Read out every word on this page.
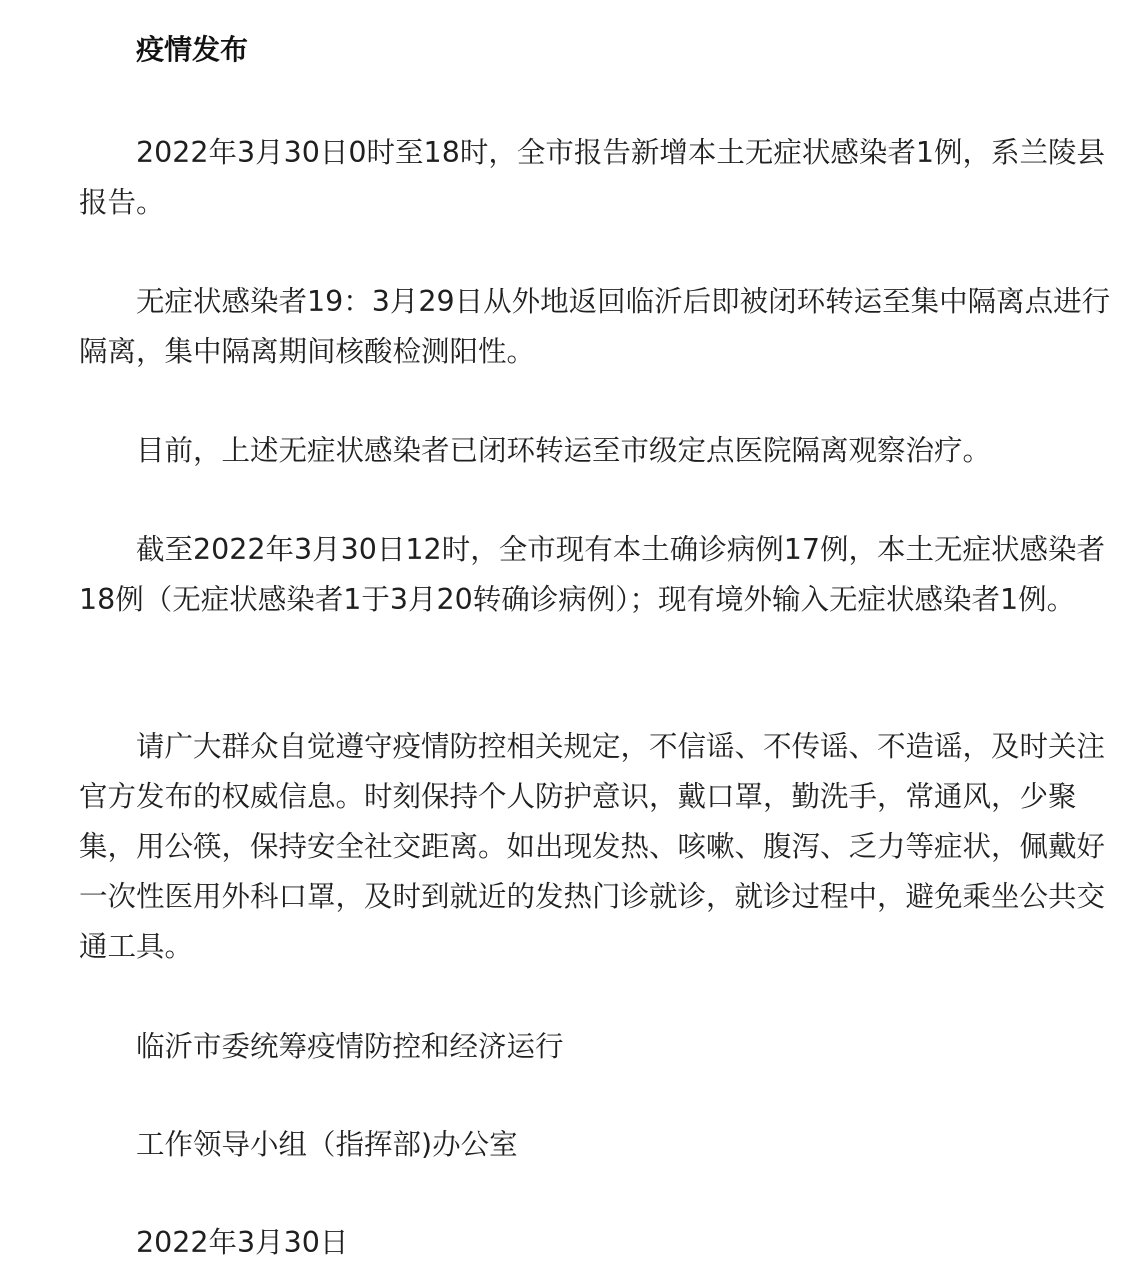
疫情发布

2022年3月30日0时至18时，全市报告新增本土无症状感染者1例，系兰陵县报告。

无症状感染者19：3月29日从外地返回临沂后即被闭环转运至集中隔离点进行隔离，集中隔离期间核酸检测阳性。

目前，上述无症状感染者已闭环转运至市级定点医院隔离观察治疗。

截至2022年3月30日12时，全市现有本土确诊病例17例，本土无症状感染者18例（无症状感染者1于3月20转确诊病例）；现有境外输入无症状感染者1例。

请广大群众自觉遵守疫情防控相关规定，不信谣、不传谣、不造谣，及时关注官方发布的权威信息。时刻保持个人防护意识，戴口罩，勤洗手，常通风，少聚集，用公筷，保持安全社交距离。如出现发热、咳嗽、腹泻、乏力等症状，佩戴好一次性医用外科口罩，及时到就近的发热门诊就诊，就诊过程中，避免乘坐公共交通工具。

临沂市委统筹疫情防控和经济运行

工作领导小组（指挥部)办公室

2022年3月30日
